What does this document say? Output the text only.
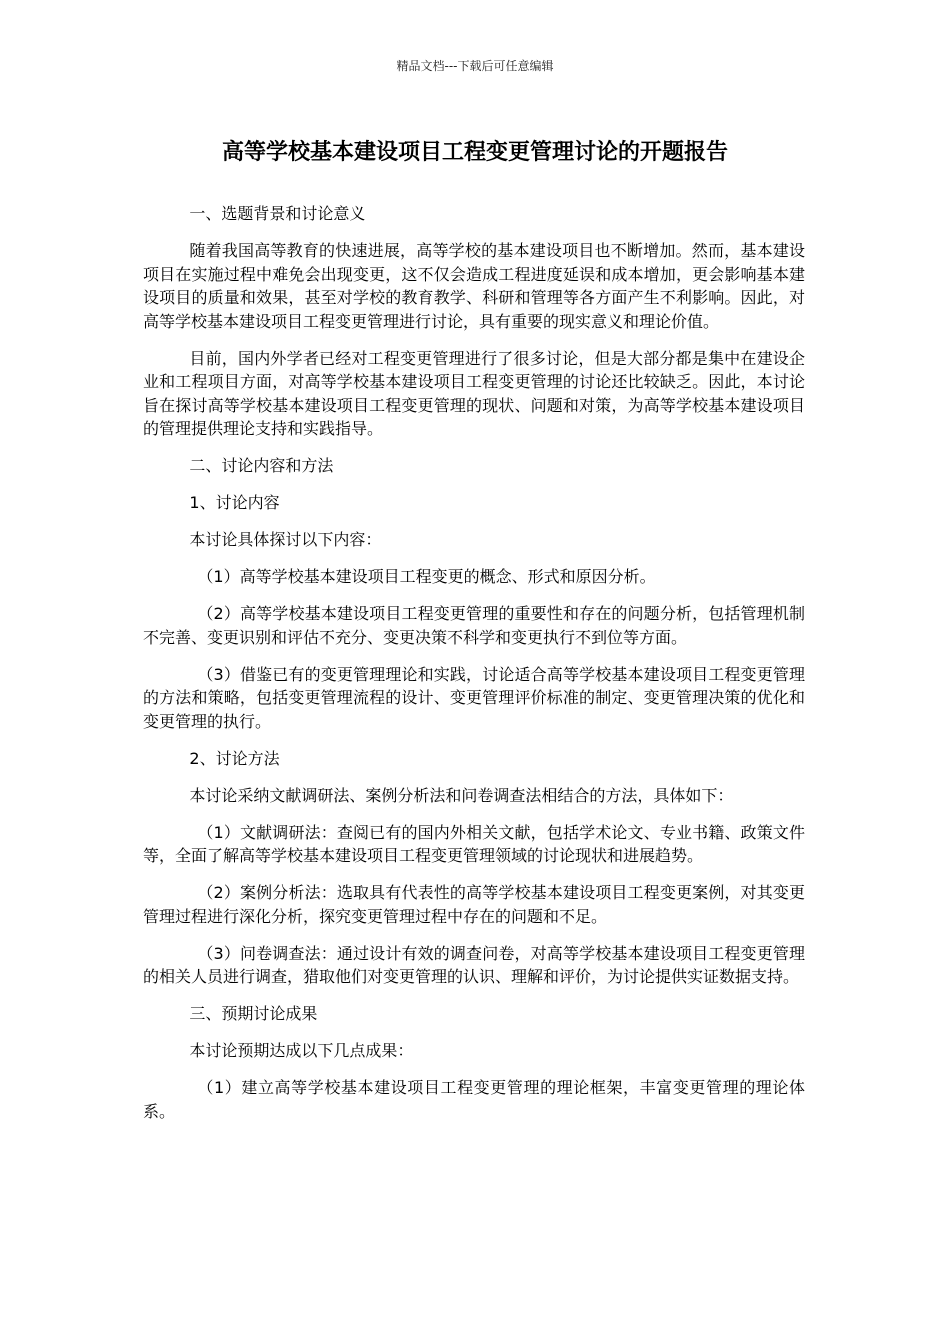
精品文档---下载后可任意编辑
高等学校基本建设项目工程变更管理讨论的开题报告

一、选题背景和讨论意义

随着我国高等教育的快速进展，高等学校的基本建设项目也不断增加。然而，基本建设项目在实施过程中难免会出现变更，这不仅会造成工程进度延误和成本增加，更会影响基本建设项目的质量和效果，甚至对学校的教育教学、科研和管理等各方面产生不利影响。因此，对高等学校基本建设项目工程变更管理进行讨论，具有重要的现实意义和理论价值。

目前，国内外学者已经对工程变更管理进行了很多讨论，但是大部分都是集中在建设企业和工程项目方面，对高等学校基本建设项目工程变更管理的讨论还比较缺乏。因此，本讨论旨在探讨高等学校基本建设项目工程变更管理的现状、问题和对策，为高等学校基本建设项目的管理提供理论支持和实践指导。

二、讨论内容和方法

1、讨论内容

本讨论具体探讨以下内容：

（1）高等学校基本建设项目工程变更的概念、形式和原因分析。

（2）高等学校基本建设项目工程变更管理的重要性和存在的问题分析，包括管理机制不完善、变更识别和评估不充分、变更决策不科学和变更执行不到位等方面。

（3）借鉴已有的变更管理理论和实践，讨论适合高等学校基本建设项目工程变更管理的方法和策略，包括变更管理流程的设计、变更管理评价标准的制定、变更管理决策的优化和变更管理的执行。

2、讨论方法

本讨论采纳文献调研法、案例分析法和问卷调查法相结合的方法，具体如下：

（1）文献调研法：查阅已有的国内外相关文献，包括学术论文、专业书籍、政策文件等，全面了解高等学校基本建设项目工程变更管理领域的讨论现状和进展趋势。

（2）案例分析法：选取具有代表性的高等学校基本建设项目工程变更案例，对其变更管理过程进行深化分析，探究变更管理过程中存在的问题和不足。

（3）问卷调查法：通过设计有效的调查问卷，对高等学校基本建设项目工程变更管理的相关人员进行调查，猎取他们对变更管理的认识、理解和评价，为讨论提供实证数据支持。

三、预期讨论成果

本讨论预期达成以下几点成果：

（1）建立高等学校基本建设项目工程变更管理的理论框架，丰富变更管理的理论体系。
